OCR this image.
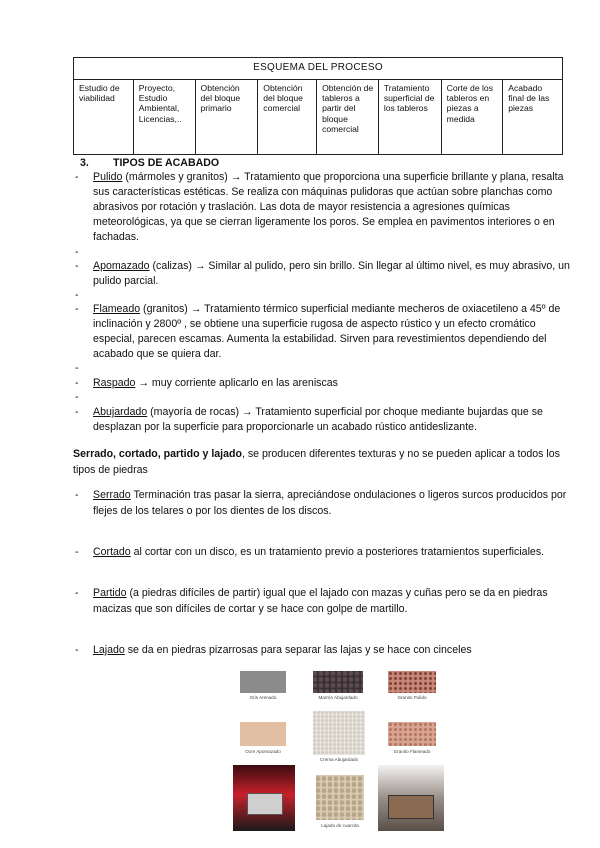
ESQUEMA DEL PROCESO
Estudio de viabilidad	Proyecto, Estudio Ambiental, Licencias,..	Obtención del bloque primario	Obtención del bloque comercial	Obtención de tableros a partir del bloque comercial	Tratamiento superficial de los tableros	Corte de los tableros en piezas a medida	Acabado final de las piezas
3. TIPOS DE ACABADO
- Pulido (mármoles y granitos) → Tratamiento que proporciona una superficie brillante y plana, resalta sus características estéticas. Se realiza con máquinas pulidoras que actúan sobre planchas como abrasivos por rotación y traslación. Las dota de mayor resistencia a agresiones químicas meteorológicas, ya que se cierran ligeramente los poros. Se emplea en pavimentos interiores o en fachadas.
-
- Apomazado (calizas) → Similar al pulido, pero sin brillo. Sin llegar al último nivel, es muy abrasivo, un pulido parcial.
-
- Flameado (granitos) → Tratamiento térmico superficial mediante mecheros de oxiacetileno a 45º de inclinación y 2800º , se obtiene una superficie rugosa de aspecto rústico y un efecto cromático especial, parecen escamas. Aumenta la estabilidad. Sirven para revestimientos dependiendo del acabado que se quiera dar.
-
- Raspado → muy corriente aplicarlo en las areniscas
-
- Abujardado (mayoría de rocas) → Tratamiento superficial por choque mediante bujardas que se desplazan por la superficie para proporcionarle un acabado rústico antideslizante.
Serrado, cortado, partido y lajado, se producen diferentes texturas y no se pueden aplicar a todos los tipos de piedras
- Serrado Terminación tras pasar la sierra, apreciándose ondulaciones o ligeros surcos producidos por flejes de los telares o por los dientes de los discos.
- Cortado al cortar con un disco, es un tratamiento previo a posteriores tratamientos superficiales.
- Partido (a piedras difíciles de partir) igual que el lajado con mazas y cuñas pero se da en piedras macizas que son difíciles de cortar y se hace con golpe de martillo.
- Lajado se da en piedras pizarrosas para separar las lajas y se hace con cinceles
Gris Arenado	Marrón Abujardado	Granito Pulido
Ocre Apomazado
Crema Abujardado
Granito Flameado
Lajado de cuarcita
